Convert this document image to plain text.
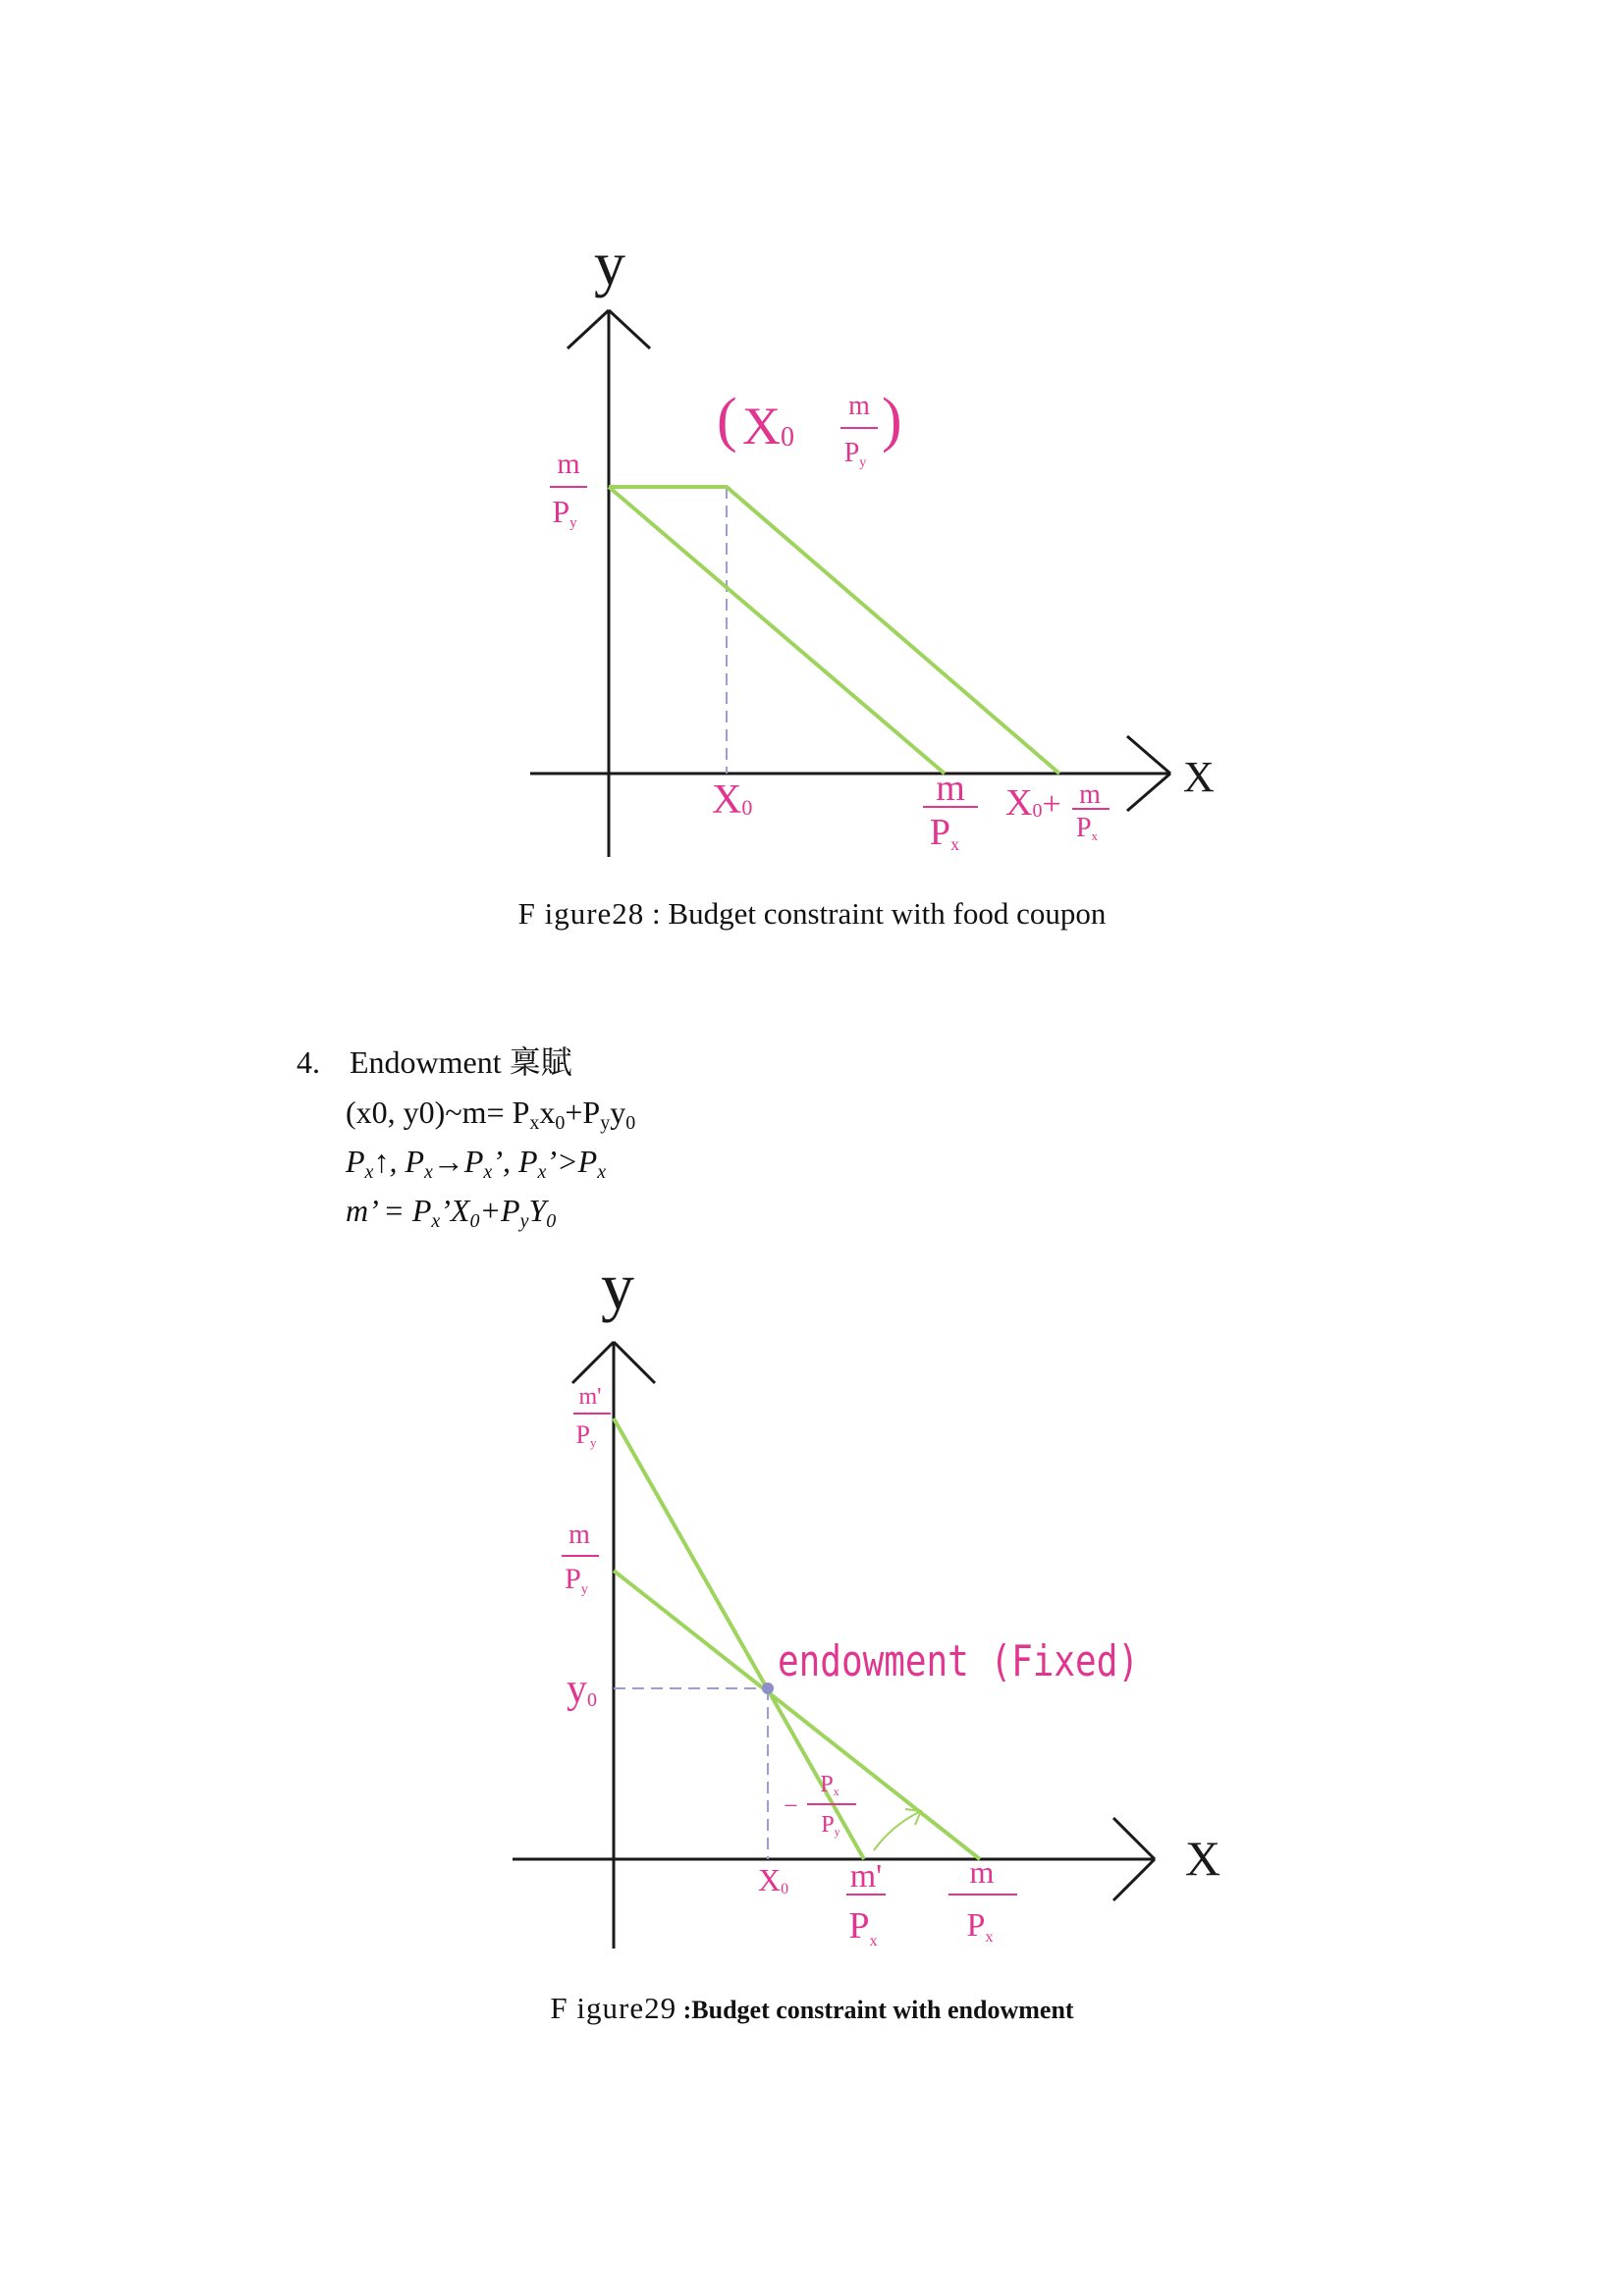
y
X
m
Py
( X0
m
Py
)
X0	m
Px
X0+ m
Px
F igure28 : Budget constraint with food coupon
4. Endowment 稟賦
(x0, y0)~m= $P_xx_0+P_yy_0$
$P_x↑$, $P_x\to P_x$’, $P_x’>P_x$
m’ = $P_x’X_0+P_yY_0$
y
X
m'
Py
m
Py
y0
endowment (Fixed)
−
Px
Py
X0 m'
$P_x$
m
Px
F igure29 :Budget constraint with endowment
